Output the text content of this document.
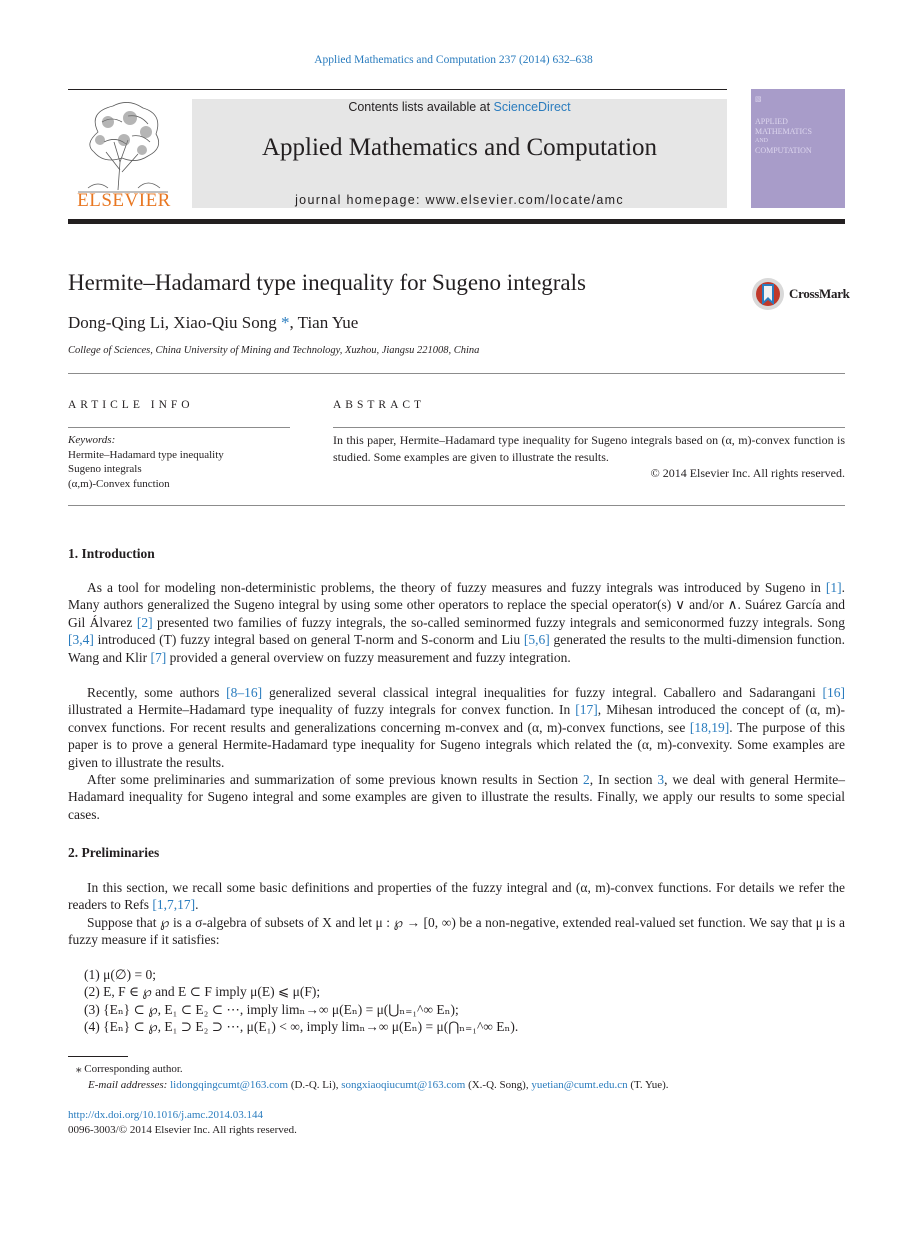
Applied Mathematics and Computation 237 (2014) 632–638
ELSEVIER
Contents lists available at ScienceDirect
Applied Mathematics and Computation
journal homepage: www.elsevier.com/locate/amc
▧
APPLIED
MATHEMATICS
AND
COMPUTATION
Hermite–Hadamard type inequality for Sugeno integrals	CrossMark
Dong-Qing Li, Xiao-Qiu Song *, Tian Yue
College of Sciences, China University of Mining and Technology, Xuzhou, Jiangsu 221008, China
ARTICLE INFO
Keywords:
Hermite–Hadamard type inequality
Sugeno integrals
(α,m)-Convex function
ABSTRACT
In this paper, Hermite–Hadamard type inequality for Sugeno integrals based on (α, m)-convex function is studied. Some examples are given to illustrate the results.
© 2014 Elsevier Inc. All rights reserved.
1. Introduction
As a tool for modeling non-deterministic problems, the theory of fuzzy measures and fuzzy integrals was introduced by Sugeno in [1]. Many authors generalized the Sugeno integral by using some other operators to replace the special operator(s) ∨ and/or ∧. Suárez García and Gil Álvarez [2] presented two families of fuzzy integrals, the so-called seminormed fuzzy integrals and semiconormed fuzzy integrals. Song [3,4] introduced (T) fuzzy integral based on general T-norm and S-conorm and Liu [5,6] generated the results to the multi-dimension function. Wang and Klir [7] provided a general overview on fuzzy measurement and fuzzy integration.
Recently, some authors [8–16] generalized several classical integral inequalities for fuzzy integral. Caballero and Sadarangani [16] illustrated a Hermite–Hadamard type inequality of fuzzy integrals for convex function. In [17], Mihesan introduced the concept of (α, m)-convex functions. For recent results and generalizations concerning m-convex and (α, m)-convex functions, see [18,19]. The purpose of this paper is to prove a general Hermite-Hadamard type inequality for Sugeno integrals which related the (α, m)-convexity. Some examples are given to illustrate the results.
After some preliminaries and summarization of some previous known results in Section 2, In section 3, we deal with general Hermite–Hadamard inequality for Sugeno integral and some examples are given to illustrate the results. Finally, we apply our results to some special cases.
2. Preliminaries
In this section, we recall some basic definitions and properties of the fuzzy integral and (α, m)-convex functions. For details we refer the readers to Refs [1,7,17].
Suppose that ℘ is a σ-algebra of subsets of X and let μ : ℘ → [0, ∞) be a non-negative, extended real-valued set function. We say that μ is a fuzzy measure if it satisfies:
(1) μ(∅) = 0;
(2) E, F ∈ ℘ and E ⊂ F imply μ(E) ⩽ μ(F);
(3) {Eₙ} ⊂ ℘, E₁ ⊂ E₂ ⊂ ⋯, imply limₙ→∞ μ(Eₙ) = μ(⋃ₙ₌₁^∞ Eₙ);
(4) {Eₙ} ⊂ ℘, E₁ ⊃ E₂ ⊃ ⋯, μ(E₁) < ∞, imply limₙ→∞ μ(Eₙ) = μ(⋂ₙ₌₁^∞ Eₙ).
⁎ Corresponding author.
E-mail addresses: lidongqingcumt@163.com (D.-Q. Li), songxiaoqiucumt@163.com (X.-Q. Song), yuetian@cumt.edu.cn (T. Yue).
http://dx.doi.org/10.1016/j.amc.2014.03.144
0096-3003/© 2014 Elsevier Inc. All rights reserved.
